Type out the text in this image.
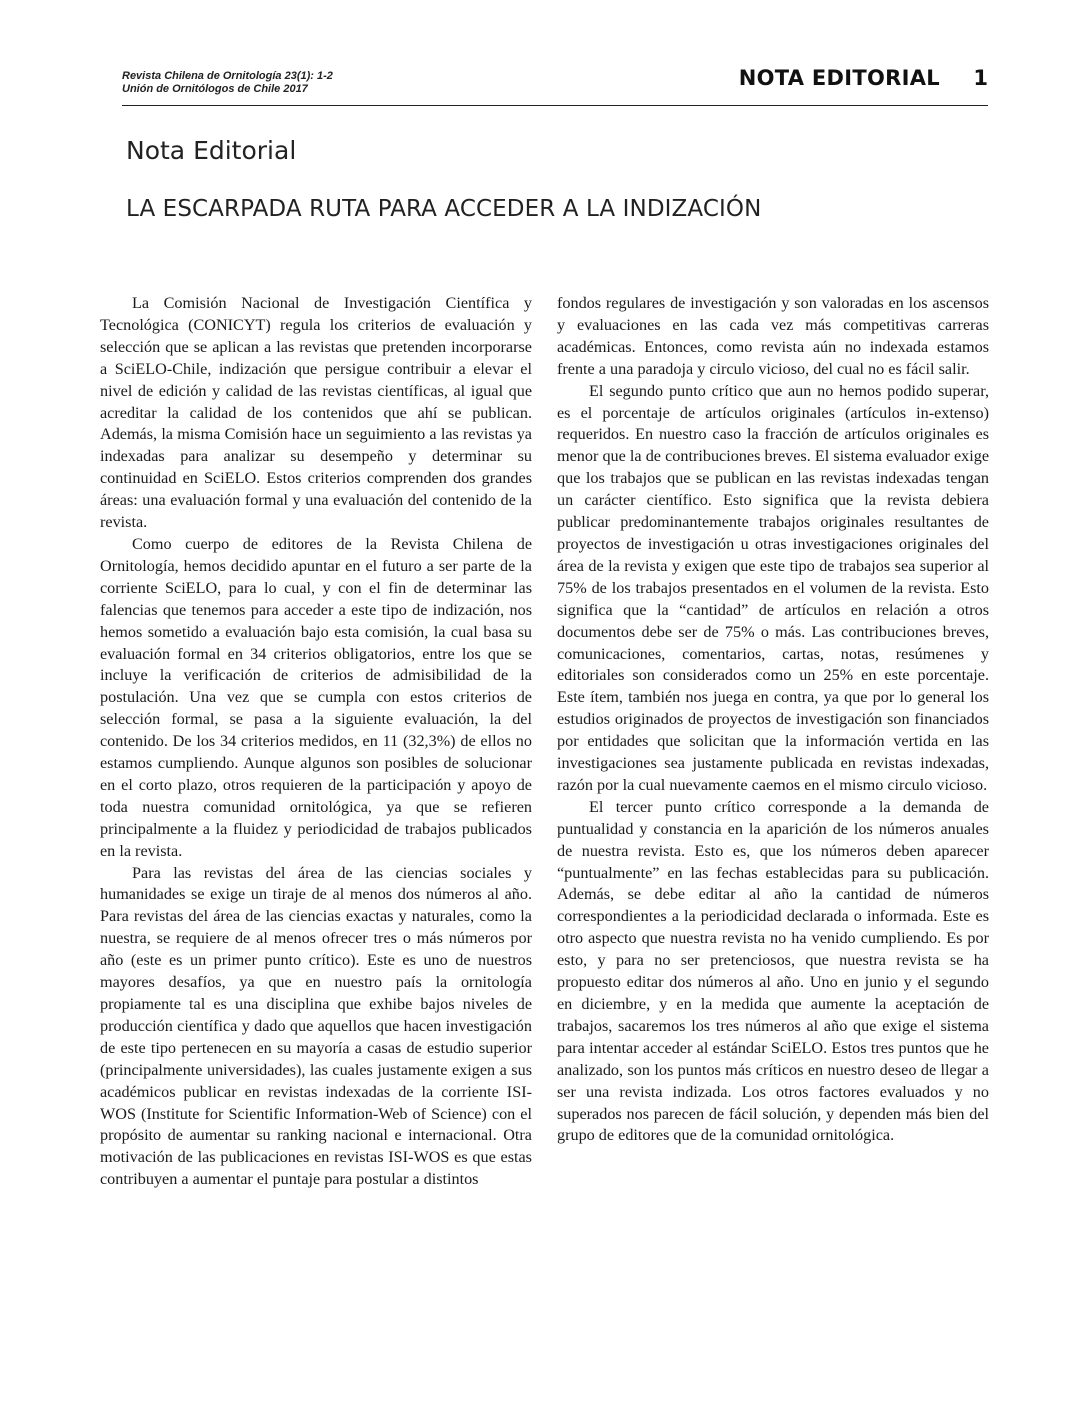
Revista Chilena de Ornitología 23(1): 1-2
Unión de Ornitólogos de Chile 2017	NOTA EDITORIAL 1
Nota Editorial
LA ESCARPADA RUTA PARA ACCEDER A LA INDIZACIÓN

La Comisión Nacional de Investigación Científica y Tecnológica (CONICYT) regula los criterios de evaluación y selección que se aplican a las revistas que pretenden incorporarse a SciELO-Chile, indización que persigue contribuir a elevar el nivel de edición y calidad de las revistas científicas, al igual que acreditar la calidad de los contenidos que ahí se publican. Además, la misma Comisión hace un seguimiento a las revistas ya indexadas para analizar su desempeño y determinar su continuidad en SciELO. Estos criterios comprenden dos grandes áreas: una evaluación formal y una evaluación del contenido de la revista.

Como cuerpo de editores de la Revista Chilena de Ornitología, hemos decidido apuntar en el futuro a ser parte de la corriente SciELO, para lo cual, y con el fin de determinar las falencias que tenemos para acceder a este tipo de indización, nos hemos sometido a evaluación bajo esta comisión, la cual basa su evaluación formal en 34 criterios obligatorios, entre los que se incluye la verificación de criterios de admisibilidad de la postulación. Una vez que se cumpla con estos criterios de selección formal, se pasa a la siguiente evaluación, la del contenido. De los 34 criterios medidos, en 11 (32,3%) de ellos no estamos cumpliendo. Aunque algunos son posibles de solucionar en el corto plazo, otros requieren de la participación y apoyo de toda nuestra comunidad ornitológica, ya que se refieren principalmente a la fluidez y periodicidad de trabajos publicados en la revista.

Para las revistas del área de las ciencias sociales y humanidades se exige un tiraje de al menos dos números al año. Para revistas del área de las ciencias exactas y naturales, como la nuestra, se requiere de al menos ofrecer tres o más números por año (este es un primer punto crítico). Este es uno de nuestros mayores desafíos, ya que en nuestro país la ornitología propiamente tal es una disciplina que exhibe bajos niveles de producción científica y dado que aquellos que hacen investigación de este tipo pertenecen en su mayoría a casas de estudio superior (principalmente universidades), las cuales justamente exigen a sus académicos publicar en revistas indexadas de la corriente ISI-WOS (Institute for Scientific Information-Web of Science) con el propósito de aumentar su ranking nacional e internacional. Otra motivación de las publicaciones en revistas ISI-WOS es que estas contribuyen a aumentar el puntaje para postular a distintos

fondos regulares de investigación y son valoradas en los ascensos y evaluaciones en las cada vez más competitivas carreras académicas. Entonces, como revista aún no indexada estamos frente a una paradoja y circulo vicioso, del cual no es fácil salir.

El segundo punto crítico que aun no hemos podido superar, es el porcentaje de artículos originales (artículos in-extenso) requeridos. En nuestro caso la fracción de artículos originales es menor que la de contribuciones breves. El sistema evaluador exige que los trabajos que se publican en las revistas indexadas tengan un carácter científico. Esto significa que la revista debiera publicar predominantemente trabajos originales resultantes de proyectos de investigación u otras investigaciones originales del área de la revista y exigen que este tipo de trabajos sea superior al 75% de los trabajos presentados en el volumen de la revista. Esto significa que la “cantidad” de artículos en relación a otros documentos debe ser de 75% o más. Las contribuciones breves, comunicaciones, comentarios, cartas, notas, resúmenes y editoriales son considerados como un 25% en este porcentaje. Este ítem, también nos juega en contra, ya que por lo general los estudios originados de proyectos de investigación son financiados por entidades que solicitan que la información vertida en las investigaciones sea justamente publicada en revistas indexadas, razón por la cual nuevamente caemos en el mismo circulo vicioso.

El tercer punto crítico corresponde a la demanda de puntualidad y constancia en la aparición de los números anuales de nuestra revista. Esto es, que los números deben aparecer “puntualmente” en las fechas establecidas para su publicación. Además, se debe editar al año la cantidad de números correspondientes a la periodicidad declarada o informada. Este es otro aspecto que nuestra revista no ha venido cumpliendo. Es por esto, y para no ser pretenciosos, que nuestra revista se ha propuesto editar dos números al año. Uno en junio y el segundo en diciembre, y en la medida que aumente la aceptación de trabajos, sacaremos los tres números al año que exige el sistema para intentar acceder al estándar SciELO. Estos tres puntos que he analizado, son los puntos más críticos en nuestro deseo de llegar a ser una revista indizada. Los otros factores evaluados y no superados nos parecen de fácil solución, y dependen más bien del grupo de editores que de la comunidad ornitológica.
